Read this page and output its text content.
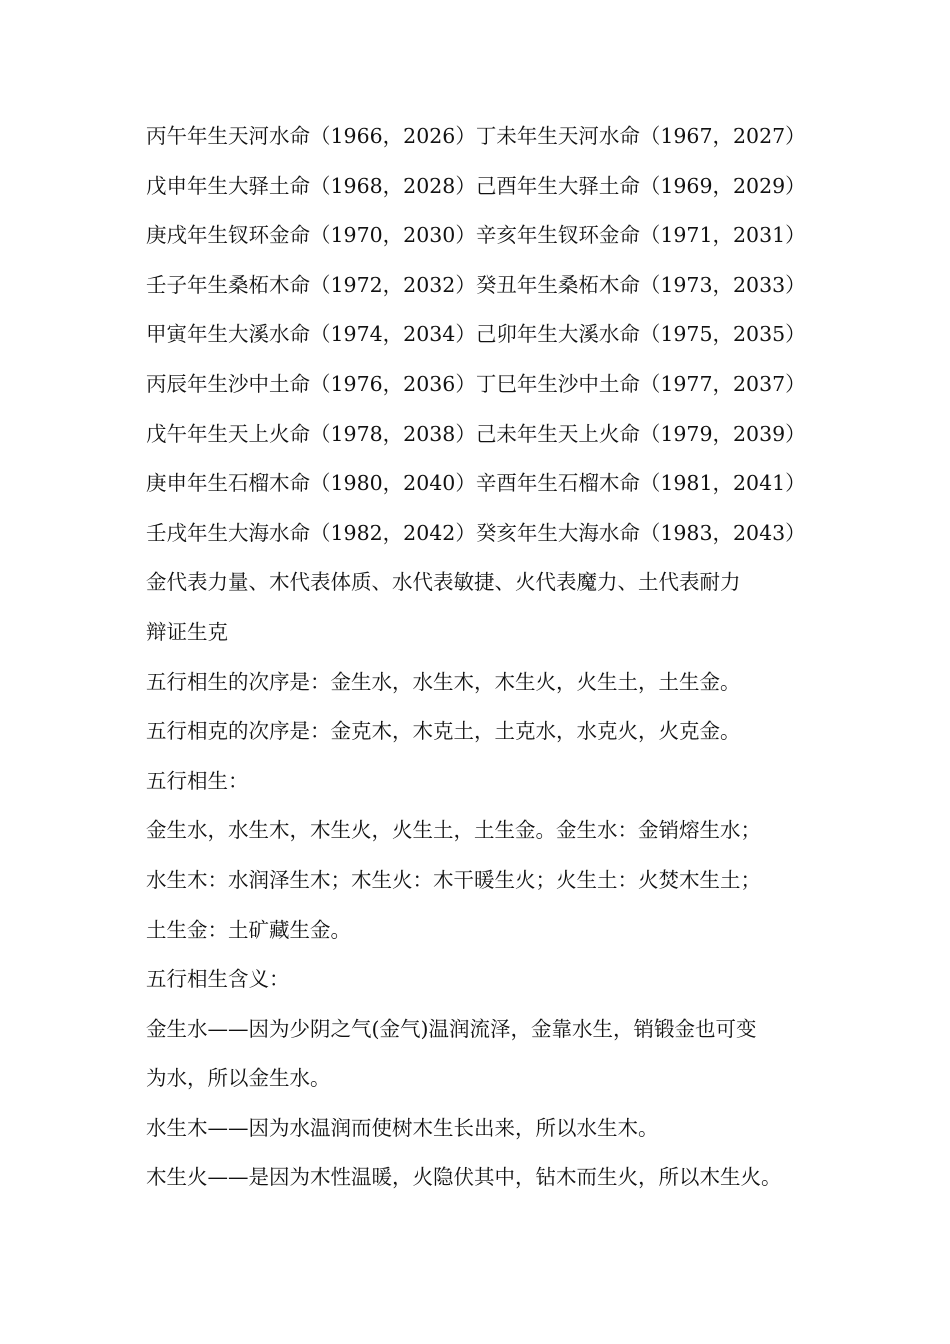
丙午年生天河水命（1966，2026）丁未年生天河水命（1967，2027）

戊申年生大驿土命（1968，2028）己酉年生大驿土命（1969，2029）

庚戌年生钗环金命（1970，2030）辛亥年生钗环金命（1971，2031）

壬子年生桑柘木命（1972，2032）癸丑年生桑柘木命（1973，2033）

甲寅年生大溪水命（1974，2034）己卯年生大溪水命（1975，2035）

丙辰年生沙中土命（1976，2036）丁巳年生沙中土命（1977，2037）

戊午年生天上火命（1978，2038）己未年生天上火命（1979，2039）

庚申年生石榴木命（1980，2040）辛酉年生石榴木命（1981，2041）

壬戌年生大海水命（1982，2042）癸亥年生大海水命（1983，2043）

金代表力量、木代表体质、水代表敏捷、火代表魔力、土代表耐力

辩证生克

五行相生的次序是：金生水，水生木，木生火，火生土，土生金。

五行相克的次序是：金克木，木克土，土克水，水克火，火克金。

五行相生：

金生水，水生木，木生火，火生土，土生金。金生水：金销熔生水；

水生木：水润泽生木；木生火：木干暖生火；火生土：火焚木生土；

土生金：土矿藏生金。

五行相生含义：

金生水——因为少阴之气(金气)温润流泽，金靠水生，销锻金也可变

为水，所以金生水。

水生木——因为水温润而使树木生长出来，所以水生木。

木生火——是因为木性温暖，火隐伏其中，钻木而生火，所以木生火。
